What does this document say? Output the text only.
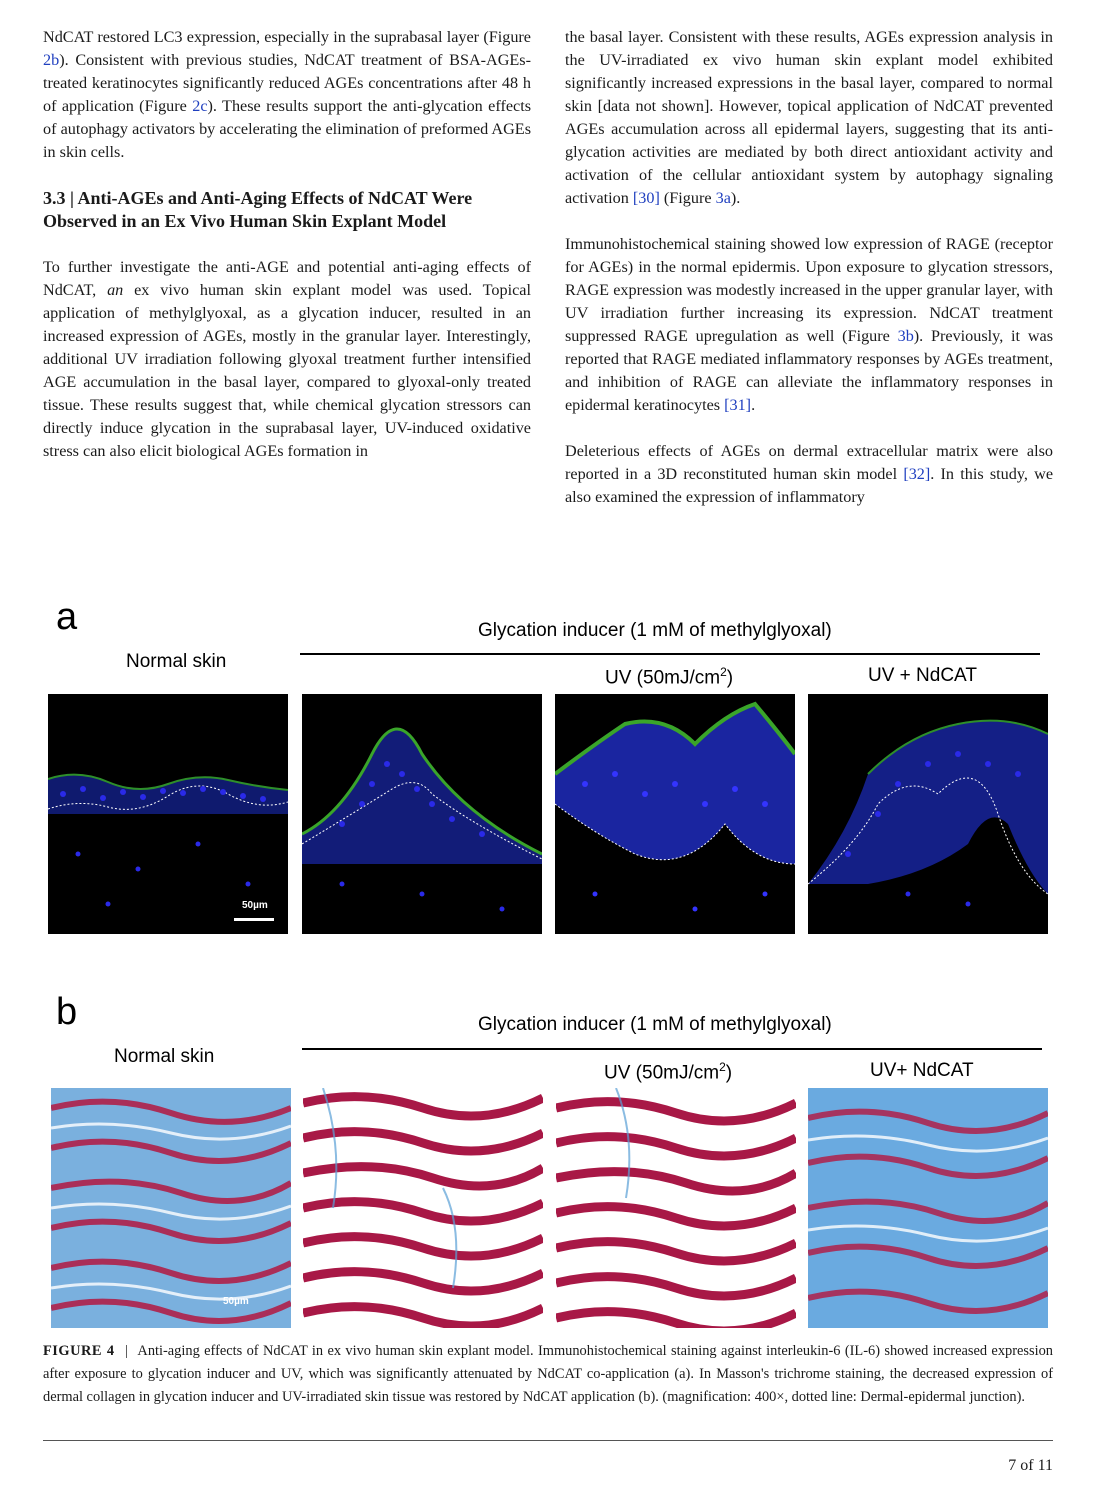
NdCAT restored LC3 expression, especially in the suprabasal layer (Figure 2b). Consistent with previous studies, NdCAT treatment of BSA-AGEs-treated keratinocytes significantly reduced AGEs concentrations after 48 h of application (Figure 2c). These results support the anti-glycation effects of autophagy activators by accelerating the elimination of preformed AGEs in skin cells.

3.3 | Anti-AGEs and Anti-Aging Effects of NdCAT Were Observed in an Ex Vivo Human Skin Explant Model

To further investigate the anti-AGE and potential anti-aging effects of NdCAT, an ex vivo human skin explant model was used. Topical application of methylglyoxal, as a glycation inducer, resulted in an increased expression of AGEs, mostly in the granular layer. Interestingly, additional UV irradiation following glyoxal treatment further intensified AGE accumulation in the basal layer, compared to glyoxal-only treated tissue. These results suggest that, while chemical glycation stressors can directly induce glycation in the suprabasal layer, UV-induced oxidative stress can also elicit biological AGEs formation in

the basal layer. Consistent with these results, AGEs expression analysis in the UV-irradiated ex vivo human skin explant model exhibited significantly increased expressions in the basal layer, compared to normal skin [data not shown]. However, topical application of NdCAT prevented AGEs accumulation across all epidermal layers, suggesting that its anti-glycation activities are mediated by both direct antioxidant activity and activation of the cellular antioxidant system by autophagy signaling activation [30] (Figure 3a).

Immunohistochemical staining showed low expression of RAGE (receptor for AGEs) in the normal epidermis. Upon exposure to glycation stressors, RAGE expression was modestly increased in the upper granular layer, with UV irradiation further increasing its expression. NdCAT treatment suppressed RAGE upregulation as well (Figure 3b). Previously, it was reported that RAGE mediated inflammatory responses by AGEs treatment, and inhibition of RAGE can alleviate the inflammatory responses in epidermal keratinocytes [31].

Deleterious effects of AGEs on dermal extracellular matrix were also reported in a 3D reconstituted human skin model [32]. In this study, we also examined the expression of inflammatory

a	Glycation inducer (1 mM of methylglyoxal)
Normal skin
UV $(50mJ/cm^2)$	UV + NdCAT
50µm
b	Glycation inducer (1 mM of methylglyoxal)
Normal skin
UV $(50mJ/cm^2)$	UV+ NdCAT
50µm
FIGURE 4 | Anti-aging effects of NdCAT in ex vivo human skin explant model. Immunohistochemical staining against interleukin-6 (IL-6) showed increased expression after exposure to glycation inducer and UV, which was significantly attenuated by NdCAT co-application (a). In Masson's trichrome staining, the decreased expression of dermal collagen in glycation inducer and UV-irradiated skin tissue was restored by NdCAT application (b). (magnification: 400×, dotted line: Dermal-epidermal junction).
7 of 11
